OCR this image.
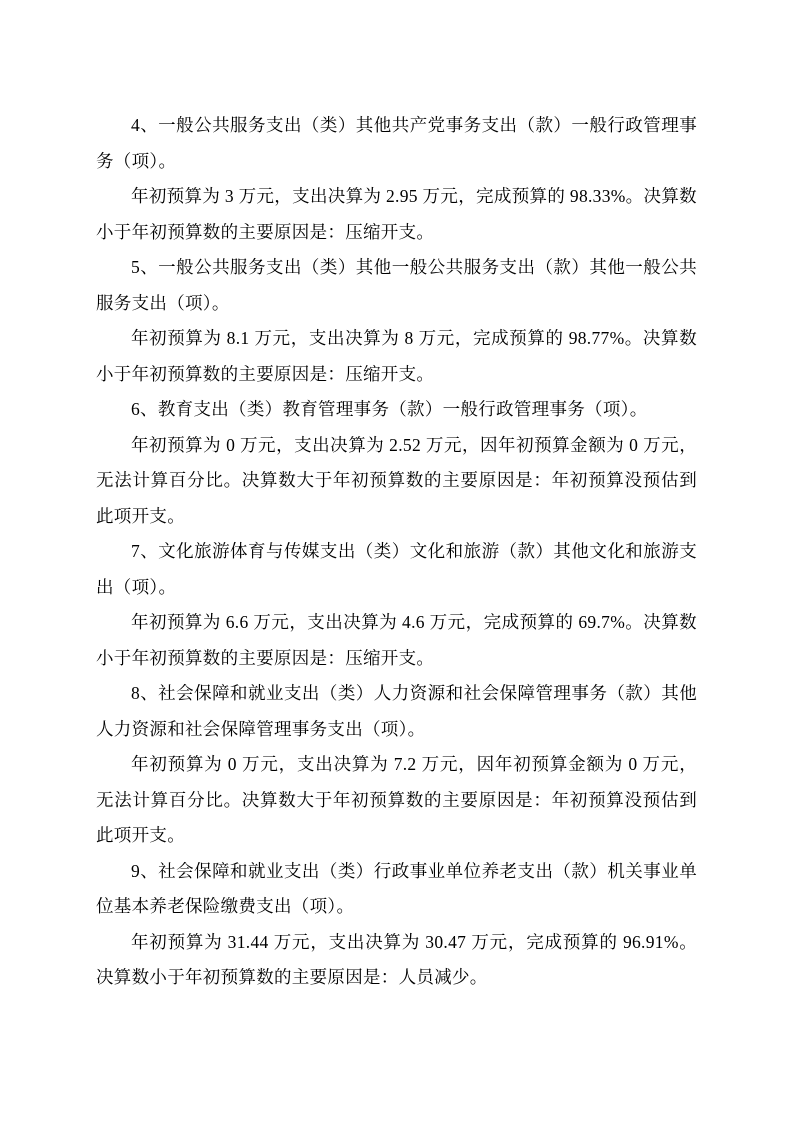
4、一般公共服务支出（类）其他共产党事务支出（款）一般行政管理事务（项）。

年初预算为 3 万元，支出决算为 2.95 万元，完成预算的 98.33%。决算数小于年初预算数的主要原因是：压缩开支。

5、一般公共服务支出（类）其他一般公共服务支出（款）其他一般公共服务支出（项）。

年初预算为 8.1 万元，支出决算为 8 万元，完成预算的 98.77%。决算数小于年初预算数的主要原因是：压缩开支。

6、教育支出（类）教育管理事务（款）一般行政管理事务（项）。

年初预算为 0 万元，支出决算为 2.52 万元，因年初预算金额为 0 万元，无法计算百分比。决算数大于年初预算数的主要原因是：年初预算没预估到此项开支。

7、文化旅游体育与传媒支出（类）文化和旅游（款）其他文化和旅游支出（项）。

年初预算为 6.6 万元，支出决算为 4.6 万元，完成预算的 69.7%。决算数小于年初预算数的主要原因是：压缩开支。

8、社会保障和就业支出（类）人力资源和社会保障管理事务（款）其他人力资源和社会保障管理事务支出（项）。

年初预算为 0 万元，支出决算为 7.2 万元，因年初预算金额为 0 万元，无法计算百分比。决算数大于年初预算数的主要原因是：年初预算没预估到此项开支。

9、社会保障和就业支出（类）行政事业单位养老支出（款）机关事业单位基本养老保险缴费支出（项）。

年初预算为 31.44 万元，支出决算为 30.47 万元，完成预算的 96.91%。决算数小于年初预算数的主要原因是：人员减少。
